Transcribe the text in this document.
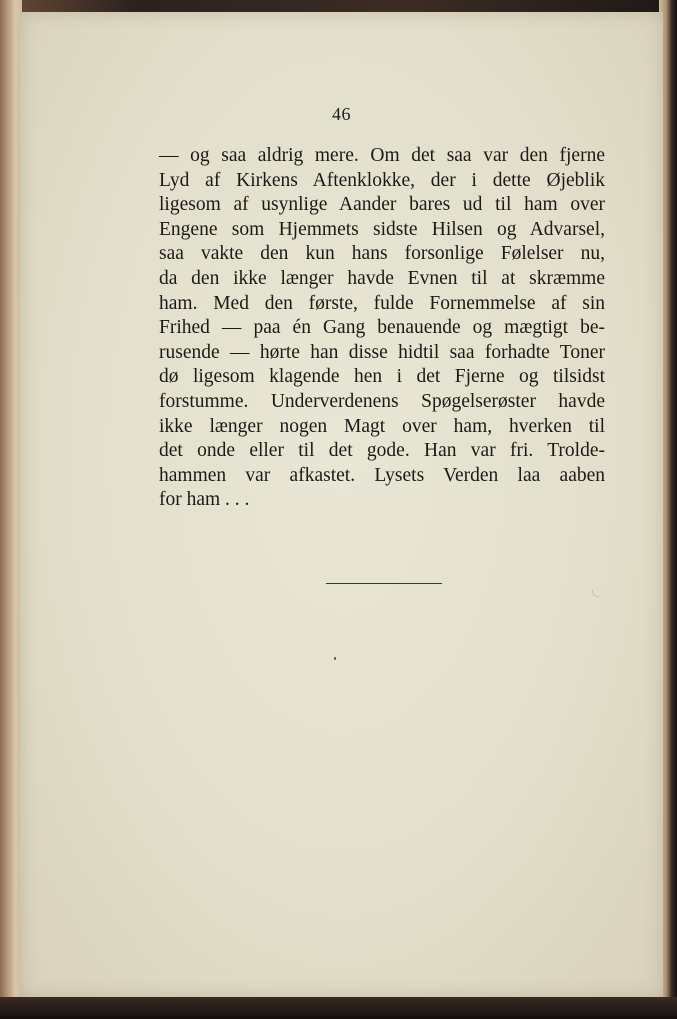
46
— og saa aldrig mere. Om det saa var den fjerne
Lyd af Kirkens Aftenklokke, der i dette Øjeblik
ligesom af usynlige Aander bares ud til ham over
Engene som Hjemmets sidste Hilsen og Advarsel,
saa vakte den kun hans forsonlige Følelser nu,
da den ikke længer havde Evnen til at skræmme
ham. Med den første, fulde Fornemmelse af sin
Frihed — paa én Gang benauende og mægtigt be-
rusende — hørte han disse hidtil saa forhadte Toner
dø ligesom klagende hen i det Fjerne og tilsidst
forstumme. Underverdenens Spøgelserøster havde
ikke længer nogen Magt over ham, hverken til
det onde eller til det gode. Han var fri. Trolde-
hammen var afkastet. Lysets Verden laa aaben
for ham . . .
